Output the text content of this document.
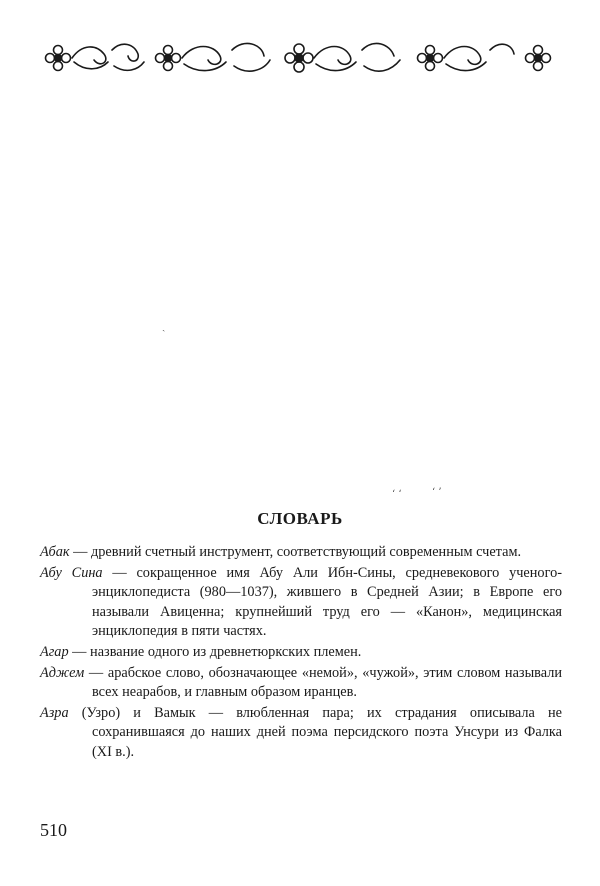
ˏ
‘ ‘	‘ ’
СЛОВАРЬ

Абак — древний счетный инструмент, соответствующий современным счетам.

Абу Сина — сокращенное имя Абу Али Ибн-Сины, средневекового ученого-энциклопедиста (980—1037), жившего в Средней Азии; в Европе его называли Авиценна; крупнейший труд его — «Канон», медицинская энциклопедия в пяти частях.

Агар — название одного из древнетюркских племен.

Аджем — арабское слово, обозначающее «немой», «чужой», этим словом называли всех неарабов, и главным образом иранцев.

Азра (Узро) и Вамык — влюбленная пара; их страдания описывала не сохранившаяся до наших дней поэма персидского поэта Унсури из Фалка (XI в.).

510
